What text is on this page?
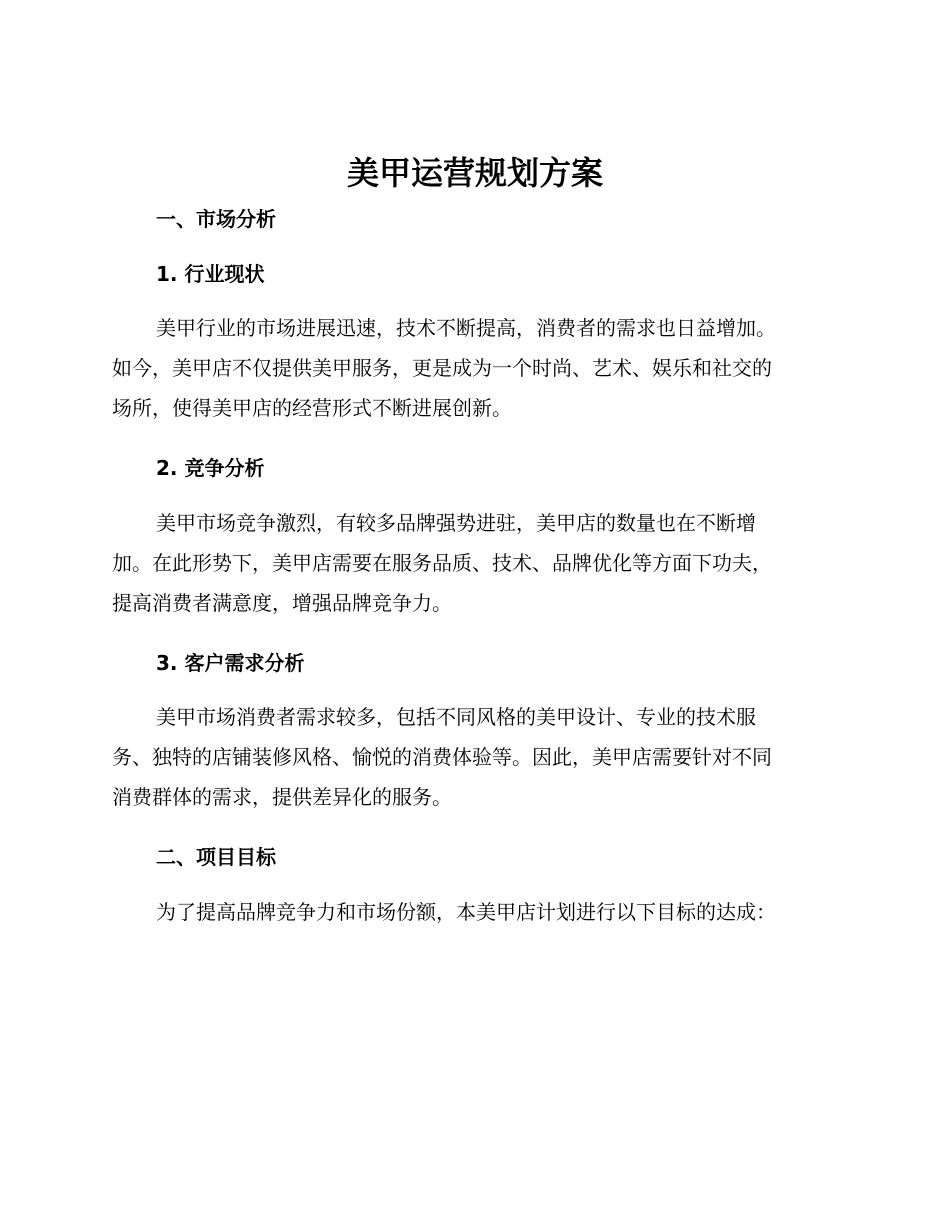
美甲运营规划方案
一、市场分析
1. 行业现状

美甲行业的市场进展迅速，技术不断提高，消费者的需求也日益增加。
如今，美甲店不仅提供美甲服务，更是成为一个时尚、艺术、娱乐和社交的
场所，使得美甲店的经营形式不断进展创新。

2. 竞争分析

美甲市场竞争激烈，有较多品牌强势进驻，美甲店的数量也在不断增
加。在此形势下，美甲店需要在服务品质、技术、品牌优化等方面下功夫，
提高消费者满意度，增强品牌竞争力。

3. 客户需求分析

美甲市场消费者需求较多，包括不同风格的美甲设计、专业的技术服
务、独特的店铺装修风格、愉悦的消费体验等。因此，美甲店需要针对不同
消费群体的需求，提供差异化的服务。

二、项目目标

为了提高品牌竞争力和市场份额，本美甲店计划进行以下目标的达成：
